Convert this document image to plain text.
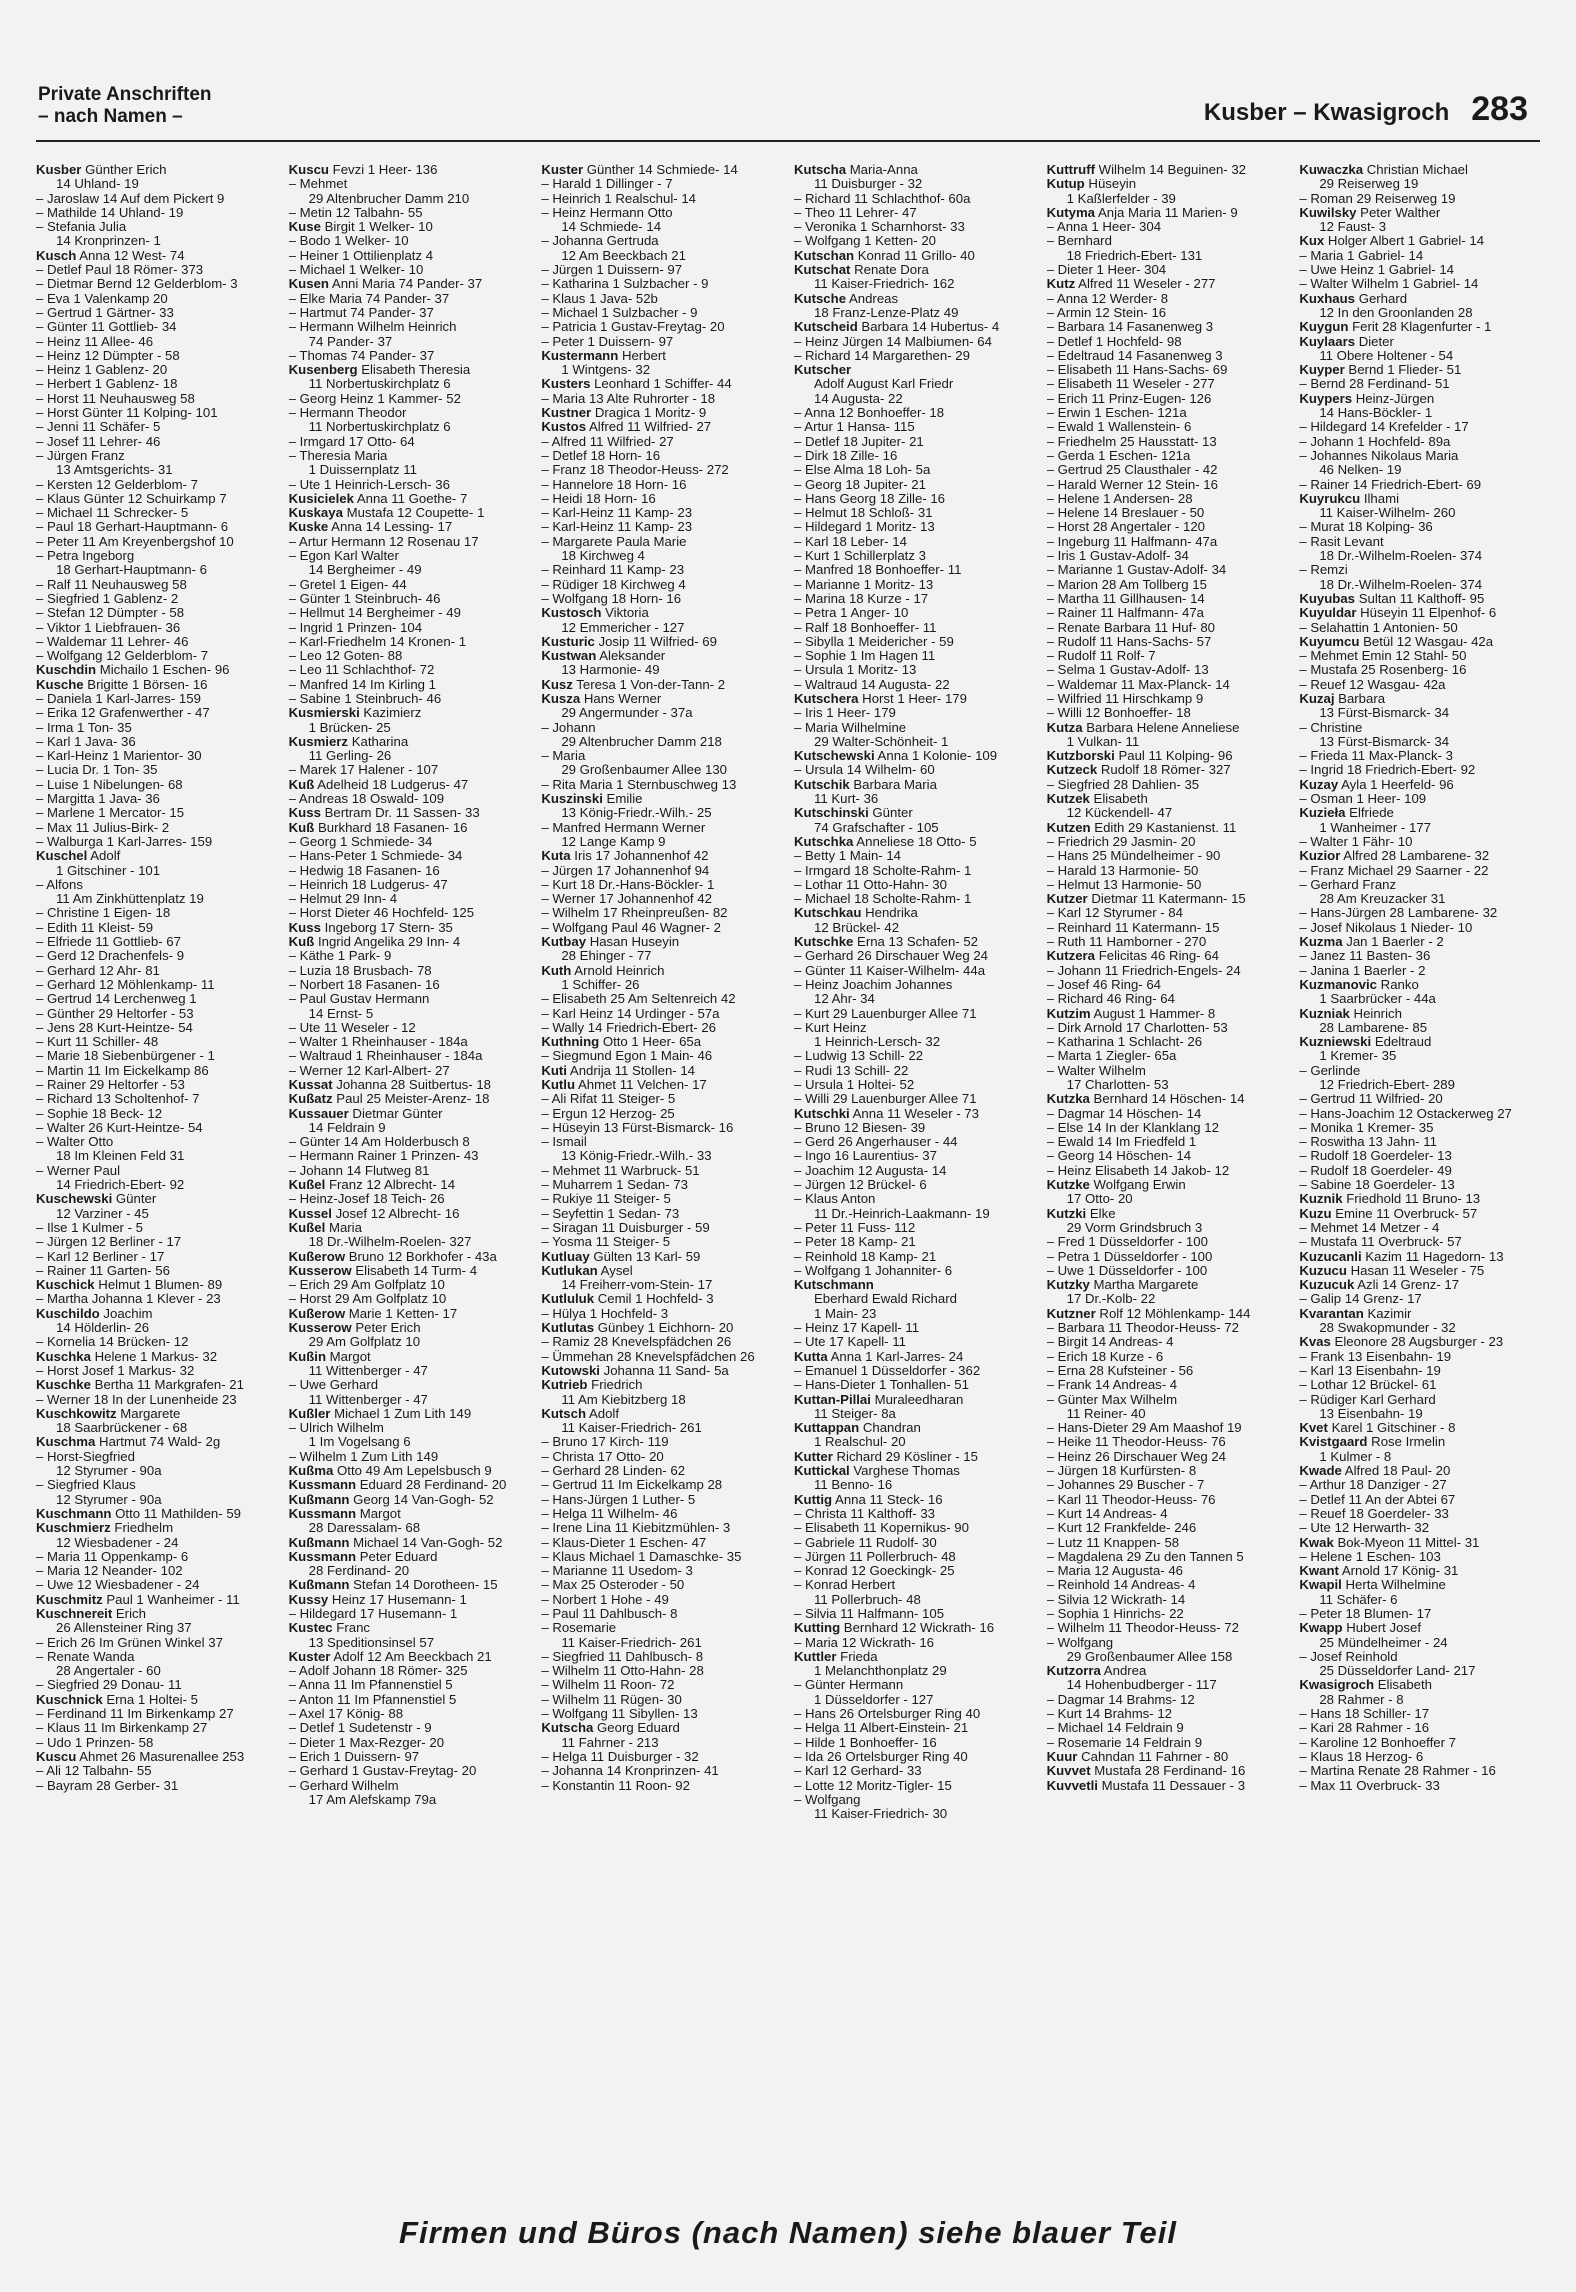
Private Anschriften
– nach Namen –	Kusber – Kwasigroch 283
Kusber Günther Erich
14 Uhland- 19
– Jaroslaw 14 Auf dem Pickert 9
– Mathilde 14 Uhland- 19
– Stefania Julia
14 Kronprinzen- 1
Kusch Anna 12 West- 74
– Detlef Paul 18 Römer- 373
– Dietmar Bernd 12 Gelderblom- 3
– Eva 1 Valenkamp 20
– Gertrud 1 Gärtner- 33
– Günter 11 Gottlieb- 34
– Heinz 11 Allee- 46
– Heinz 12 Dümpter - 58
– Heinz 1 Gablenz- 20
– Herbert 1 Gablenz- 18
– Horst 11 Neuhausweg 58
– Horst Günter 11 Kolping- 101
– Jenni 11 Schäfer- 5
– Josef 11 Lehrer- 46
– Jürgen Franz
13 Amtsgerichts- 31
– Kersten 12 Gelderblom- 7
– Klaus Günter 12 Schuirkamp 7
– Michael 11 Schrecker- 5
– Paul 18 Gerhart-Hauptmann- 6
– Peter 11 Am Kreyenbergshof 10
– Petra Ingeborg
18 Gerhart-Hauptmann- 6
– Ralf 11 Neuhausweg 58
– Siegfried 1 Gablenz- 2
– Stefan 12 Dümpter - 58
– Viktor 1 Liebfrauen- 36
– Waldemar 11 Lehrer- 46
– Wolfgang 12 Gelderblom- 7
Kuschdin Michailo 1 Eschen- 96
Kusche Brigitte 1 Börsen- 16
– Daniela 1 Karl-Jarres- 159
– Erika 12 Grafenwerther - 47
– Irma 1 Ton- 35
– Karl 1 Java- 36
– Karl-Heinz 1 Marientor- 30
– Lucia Dr. 1 Ton- 35
– Luise 1 Nibelungen- 68
– Margitta 1 Java- 36
– Marlene 1 Mercator- 15
– Max 11 Julius-Birk- 2
– Walburga 1 Karl-Jarres- 159
Kuschel Adolf
1 Gitschiner - 101
– Alfons
11 Am Zinkhüttenplatz 19
– Christine 1 Eigen- 18
– Edith 11 Kleist- 59
– Elfriede 11 Gottlieb- 67
– Gerd 12 Drachenfels- 9
– Gerhard 12 Ahr- 81
– Gerhard 12 Möhlenkamp- 11
– Gertrud 14 Lerchenweg 1
– Günther 29 Heltorfer - 53
– Jens 28 Kurt-Heintze- 54
– Kurt 11 Schiller- 48
– Marie 18 Siebenbürgener - 1
– Martin 11 Im Eickelkamp 86
– Rainer 29 Heltorfer - 53
– Richard 13 Scholtenhof- 7
– Sophie 18 Beck- 12
– Walter 26 Kurt-Heintze- 54
– Walter Otto
18 Im Kleinen Feld 31
– Werner Paul
14 Friedrich-Ebert- 92
Kuschewski Günter
12 Varziner - 45
– Ilse 1 Kulmer - 5
– Jürgen 12 Berliner - 17
– Karl 12 Berliner - 17
– Rainer 11 Garten- 56
Kuschick Helmut 1 Blumen- 89
– Martha Johanna 1 Klever - 23
Kuschildo Joachim
14 Hölderlin- 26
– Kornelia 14 Brücken- 12
Kuschka Helene 1 Markus- 32
– Horst Josef 1 Markus- 32
Kuschke Bertha 11 Markgrafen- 21
– Werner 18 In der Lunenheide 23
Kuschkowitz Margarete
18 Saarbrückener - 68
Kuschma Hartmut 74 Wald- 2g
– Horst-Siegfried
12 Styrumer - 90a
– Siegfried Klaus
12 Styrumer - 90a
Kuschmann Otto 11 Mathilden- 59
Kuschmierz Friedhelm
12 Wiesbadener - 24
– Maria 11 Oppenkamp- 6
– Maria 12 Neander- 102
– Uwe 12 Wiesbadener - 24
Kuschmitz Paul 1 Wanheimer - 11
Kuschnereit Erich
26 Allensteiner Ring 37
– Erich 26 Im Grünen Winkel 37
– Renate Wanda
28 Angertaler - 60
– Siegfried 29 Donau- 11
Kuschnick Erna 1 Holtei- 5
– Ferdinand 11 Im Birkenkamp 27
– Klaus 11 Im Birkenkamp 27
– Udo 1 Prinzen- 58
Kuscu Ahmet 26 Masurenallee 253
– Ali 12 Talbahn- 55
– Bayram 28 Gerber- 31
Kuscu Fevzi 1 Heer- 136
– Mehmet
29 Altenbrucher Damm 210
– Metin 12 Talbahn- 55
Kuse Birgit 1 Welker- 10
– Bodo 1 Welker- 10
– Heiner 1 Ottilienplatz 4
– Michael 1 Welker- 10
Kusen Anni Maria 74 Pander- 37
– Elke Maria 74 Pander- 37
– Hartmut 74 Pander- 37
– Hermann Wilhelm Heinrich
74 Pander- 37
– Thomas 74 Pander- 37
Kusenberg Elisabeth Theresia
11 Norbertuskirchplatz 6
– Georg Heinz 1 Kammer- 52
– Hermann Theodor
11 Norbertuskirchplatz 6
– Irmgard 17 Otto- 64
– Theresia Maria
1 Duissernplatz 11
– Ute 1 Heinrich-Lersch- 36
Kusicielek Anna 11 Goethe- 7
Kuskaya Mustafa 12 Coupette- 1
Kuske Anna 14 Lessing- 17
– Artur Hermann 12 Rosenau 17
– Egon Karl Walter
14 Bergheimer - 49
– Gretel 1 Eigen- 44
– Günter 1 Steinbruch- 46
– Hellmut 14 Bergheimer - 49
– Ingrid 1 Prinzen- 104
– Karl-Friedhelm 14 Kronen- 1
– Leo 12 Goten- 88
– Leo 11 Schlachthof- 72
– Manfred 14 Im Kirling 1
– Sabine 1 Steinbruch- 46
Kusmierski Kazimierz
1 Brücken- 25
Kusmierz Katharina
11 Gerling- 26
– Marek 17 Halener - 107
Kuß Adelheid 18 Ludgerus- 47
– Andreas 18 Oswald- 109
Kuss Bertram Dr. 11 Sassen- 33
Kuß Burkhard 18 Fasanen- 16
– Georg 1 Schmiede- 34
– Hans-Peter 1 Schmiede- 34
– Hedwig 18 Fasanen- 16
– Heinrich 18 Ludgerus- 47
– Helmut 29 Inn- 4
– Horst Dieter 46 Hochfeld- 125
Kuss Ingeborg 17 Stern- 35
Kuß Ingrid Angelika 29 Inn- 4
– Käthe 1 Park- 9
– Luzia 18 Brusbach- 78
– Norbert 18 Fasanen- 16
– Paul Gustav Hermann
14 Ernst- 5
– Ute 11 Weseler - 12
– Walter 1 Rheinhauser - 184a
– Waltraud 1 Rheinhauser - 184a
– Werner 12 Karl-Albert- 27
Kussat Johanna 28 Suitbertus- 18
Kußatz Paul 25 Meister-Arenz- 18
Kussauer Dietmar Günter
14 Feldrain 9
– Günter 14 Am Holderbusch 8
– Hermann Rainer 1 Prinzen- 43
– Johann 14 Flutweg 81
Kußel Franz 12 Albrecht- 14
– Heinz-Josef 18 Teich- 26
Kussel Josef 12 Albrecht- 16
Kußel Maria
18 Dr.-Wilhelm-Roelen- 327
Kußerow Bruno 12 Borkhofer - 43a
Kusserow Elisabeth 14 Turm- 4
– Erich 29 Am Golfplatz 10
– Horst 29 Am Golfplatz 10
Kußerow Marie 1 Ketten- 17
Kusserow Peter Erich
29 Am Golfplatz 10
Kußin Margot
11 Wittenberger - 47
– Uwe Gerhard
11 Wittenberger - 47
Kußler Michael 1 Zum Lith 149
– Ulrich Wilhelm
1 Im Vogelsang 6
– Wilhelm 1 Zum Lith 149
Kußma Otto 49 Am Lepelsbusch 9
Kussmann Eduard 28 Ferdinand- 20
Kußmann Georg 14 Van-Gogh- 52
Kussmann Margot
28 Daressalam- 68
Kußmann Michael 14 Van-Gogh- 52
Kussmann Peter Eduard
28 Ferdinand- 20
Kußmann Stefan 14 Dorotheen- 15
Kussy Heinz 17 Husemann- 1
– Hildegard 17 Husemann- 1
Kustec Franc
13 Speditionsinsel 57
Kuster Adolf 12 Am Beeckbach 21
– Adolf Johann 18 Römer- 325
– Anna 11 Im Pfannenstiel 5
– Anton 11 Im Pfannenstiel 5
– Axel 17 König- 88
– Detlef 1 Sudetenstr - 9
– Dieter 1 Max-Rezger- 20
– Erich 1 Duissern- 97
– Gerhard 1 Gustav-Freytag- 20
– Gerhard Wilhelm
17 Am Alefskamp 79a
Kuster Günther 14 Schmiede- 14
– Harald 1 Dillinger - 7
– Heinrich 1 Realschul- 14
– Heinz Hermann Otto
14 Schmiede- 14
– Johanna Gertruda
12 Am Beeckbach 21
– Jürgen 1 Duissern- 97
– Katharina 1 Sulzbacher - 9
– Klaus 1 Java- 52b
– Michael 1 Sulzbacher - 9
– Patricia 1 Gustav-Freytag- 20
– Peter 1 Duissern- 97
Kustermann Herbert
1 Wintgens- 32
Kusters Leonhard 1 Schiffer- 44
– Maria 13 Alte Ruhrorter - 18
Kustner Dragica 1 Moritz- 9
Kustos Alfred 11 Wilfried- 27
– Alfred 11 Wilfried- 27
– Detlef 18 Horn- 16
– Franz 18 Theodor-Heuss- 272
– Hannelore 18 Horn- 16
– Heidi 18 Horn- 16
– Karl-Heinz 11 Kamp- 23
– Karl-Heinz 11 Kamp- 23
– Margarete Paula Marie
18 Kirchweg 4
– Reinhard 11 Kamp- 23
– Rüdiger 18 Kirchweg 4
– Wolfgang 18 Horn- 16
Kustosch Viktoria
12 Emmericher - 127
Kusturic Josip 11 Wilfried- 69
Kustwan Aleksander
13 Harmonie- 49
Kusz Teresa 1 Von-der-Tann- 2
Kusza Hans Werner
29 Angermunder - 37a
– Johann
29 Altenbrucher Damm 218
– Maria
29 Großenbaumer Allee 130
– Rita Maria 1 Sternbuschweg 13
Kuszinski Emilie
13 König-Friedr.-Wilh.- 25
– Manfred Hermann Werner
12 Lange Kamp 9
Kuta Iris 17 Johannenhof 42
– Jürgen 17 Johannenhof 94
– Kurt 18 Dr.-Hans-Böckler- 1
– Werner 17 Johannenhof 42
– Wilhelm 17 Rheinpreußen- 82
– Wolfgang Paul 46 Wagner- 2
Kutbay Hasan Huseyin
28 Ehinger - 77
Kuth Arnold Heinrich
1 Schiffer- 26
– Elisabeth 25 Am Seltenreich 42
– Karl Heinz 14 Urdinger - 57a
– Wally 14 Friedrich-Ebert- 26
Kuthning Otto 1 Heer- 65a
– Siegmund Egon 1 Main- 46
Kuti Andrija 11 Stollen- 14
Kutlu Ahmet 11 Velchen- 17
– Ali Rifat 11 Steiger- 5
– Ergun 12 Herzog- 25
– Hüseyin 13 Fürst-Bismarck- 16
– Ismail
13 König-Friedr.-Wilh.- 33
– Mehmet 11 Warbruck- 51
– Muharrem 1 Sedan- 73
– Rukiye 11 Steiger- 5
– Seyfettin 1 Sedan- 73
– Siragan 11 Duisburger - 59
– Yosma 11 Steiger- 5
Kutluay Gülten 13 Karl- 59
Kutlukan Aysel
14 Freiherr-vom-Stein- 17
Kutluluk Cemil 1 Hochfeld- 3
– Hülya 1 Hochfeld- 3
Kutlutas Günbey 1 Eichhorn- 20
– Ramiz 28 Knevelspfädchen 26
– Ümmehan 28 Knevelspfädchen 26
Kutowski Johanna 11 Sand- 5a
Kutrieb Friedrich
11 Am Kiebitzberg 18
Kutsch Adolf
11 Kaiser-Friedrich- 261
– Bruno 17 Kirch- 119
– Christa 17 Otto- 20
– Gerhard 28 Linden- 62
– Gertrud 11 Im Eickelkamp 28
– Hans-Jürgen 1 Luther- 5
– Helga 11 Wilhelm- 46
– Irene Lina 11 Kiebitzmühlen- 3
– Klaus-Dieter 1 Eschen- 47
– Klaus Michael 1 Damaschke- 35
– Marianne 11 Usedom- 3
– Max 25 Osteroder - 50
– Norbert 1 Hohe - 49
– Paul 11 Dahlbusch- 8
– Rosemarie
11 Kaiser-Friedrich- 261
– Siegfried 11 Dahlbusch- 8
– Wilhelm 11 Otto-Hahn- 28
– Wilhelm 11 Roon- 72
– Wilhelm 11 Rügen- 30
– Wolfgang 11 Sibyllen- 13
Kutscha Georg Eduard
11 Fahrner - 213
– Helga 11 Duisburger - 32
– Johanna 14 Kronprinzen- 41
– Konstantin 11 Roon- 92
Kutscha Maria-Anna
11 Duisburger - 32
– Richard 11 Schlachthof- 60a
– Theo 11 Lehrer- 47
– Veronika 1 Scharnhorst- 33
– Wolfgang 1 Ketten- 20
Kutschan Konrad 11 Grillo- 40
Kutschat Renate Dora
11 Kaiser-Friedrich- 162
Kutsche Andreas
18 Franz-Lenze-Platz 49
Kutscheid Barbara 14 Hubertus- 4
– Heinz Jürgen 14 Malbiumen- 64
– Richard 14 Margarethen- 29
Kutscher
Adolf August Karl Friedr
14 Augusta- 22
– Anna 12 Bonhoeffer- 18
– Artur 1 Hansa- 115
– Detlef 18 Jupiter- 21
– Dirk 18 Zille- 16
– Else Alma 18 Loh- 5a
– Georg 18 Jupiter- 21
– Hans Georg 18 Zille- 16
– Helmut 18 Schloß- 31
– Hildegard 1 Moritz- 13
– Karl 18 Leber- 14
– Kurt 1 Schillerplatz 3
– Manfred 18 Bonhoeffer- 11
– Marianne 1 Moritz- 13
– Marina 18 Kurze - 17
– Petra 1 Anger- 10
– Ralf 18 Bonhoeffer- 11
– Sibylla 1 Meidericher - 59
– Sophie 1 Im Hagen 11
– Ursula 1 Moritz- 13
– Waltraud 14 Augusta- 22
Kutschera Horst 1 Heer- 179
– Iris 1 Heer- 179
– Maria Wilhelmine
29 Walter-Schönheit- 1
Kutschewski Anna 1 Kolonie- 109
– Ursula 14 Wilhelm- 60
Kutschik Barbara Maria
11 Kurt- 36
Kutschinski Günter
74 Grafschafter - 105
Kutschka Anneliese 18 Otto- 5
– Betty 1 Main- 14
– Irmgard 18 Scholte-Rahm- 1
– Lothar 11 Otto-Hahn- 30
– Michael 18 Scholte-Rahm- 1
Kutschkau Hendrika
12 Brückel- 42
Kutschke Erna 13 Schafen- 52
– Gerhard 26 Dirschauer Weg 24
– Günter 11 Kaiser-Wilhelm- 44a
– Heinz Joachim Johannes
12 Ahr- 34
– Kurt 29 Lauenburger Allee 71
– Kurt Heinz
1 Heinrich-Lersch- 32
– Ludwig 13 Schill- 22
– Rudi 13 Schill- 22
– Ursula 1 Holtei- 52
– Willi 29 Lauenburger Allee 71
Kutschki Anna 11 Weseler - 73
– Bruno 12 Biesen- 39
– Gerd 26 Angerhauser - 44
– Ingo 16 Laurentius- 37
– Joachim 12 Augusta- 14
– Jürgen 12 Brückel- 6
– Klaus Anton
11 Dr.-Heinrich-Laakmann- 19
– Peter 11 Fuss- 112
– Peter 18 Kamp- 21
– Reinhold 18 Kamp- 21
– Wolfgang 1 Johanniter- 6
Kutschmann
Eberhard Ewald Richard
1 Main- 23
– Heinz 17 Kapell- 11
– Ute 17 Kapell- 11
Kutta Anna 1 Karl-Jarres- 24
– Emanuel 1 Düsseldorfer - 362
– Hans-Dieter 1 Tonhallen- 51
Kuttan-Pillai Muraleedharan
11 Steiger- 8a
Kuttappan Chandran
1 Realschul- 20
Kutter Richard 29 Kösliner - 15
Kuttickal Varghese Thomas
11 Benno- 16
Kuttig Anna 11 Steck- 16
– Christa 11 Kalthoff- 33
– Elisabeth 11 Kopernikus- 90
– Gabriele 11 Rudolf- 30
– Jürgen 11 Pollerbruch- 48
– Konrad 12 Goeckingk- 25
– Konrad Herbert
11 Pollerbruch- 48
– Silvia 11 Halfmann- 105
Kutting Bernhard 12 Wickrath- 16
– Maria 12 Wickrath- 16
Kuttler Frieda
1 Melanchthonplatz 29
– Günter Hermann
1 Düsseldorfer - 127
– Hans 26 Ortelsburger Ring 40
– Helga 11 Albert-Einstein- 21
– Hilde 1 Bonhoeffer- 16
– Ida 26 Ortelsburger Ring 40
– Karl 12 Gerhard- 33
– Lotte 12 Moritz-Tigler- 15
– Wolfgang
11 Kaiser-Friedrich- 30
Kuttruff Wilhelm 14 Beguinen- 32
Kutup Hüseyin
1 Kaßlerfelder - 39
Kutyma Anja Maria 11 Marien- 9
– Anna 1 Heer- 304
– Bernhard
18 Friedrich-Ebert- 131
– Dieter 1 Heer- 304
Kutz Alfred 11 Weseler - 277
– Anna 12 Werder- 8
– Armin 12 Stein- 16
– Barbara 14 Fasanenweg 3
– Detlef 1 Hochfeld- 98
– Edeltraud 14 Fasanenweg 3
– Elisabeth 11 Hans-Sachs- 69
– Elisabeth 11 Weseler - 277
– Erich 11 Prinz-Eugen- 126
– Erwin 1 Eschen- 121a
– Ewald 1 Wallenstein- 6
– Friedhelm 25 Hausstatt- 13
– Gerda 1 Eschen- 121a
– Gertrud 25 Clausthaler - 42
– Harald Werner 12 Stein- 16
– Helene 1 Andersen- 28
– Helene 14 Breslauer - 50
– Horst 28 Angertaler - 120
– Ingeburg 11 Halfmann- 47a
– Iris 1 Gustav-Adolf- 34
– Marianne 1 Gustav-Adolf- 34
– Marion 28 Am Tollberg 15
– Martha 11 Gillhausen- 14
– Rainer 11 Halfmann- 47a
– Renate Barbara 11 Huf- 80
– Rudolf 11 Hans-Sachs- 57
– Rudolf 11 Rolf- 7
– Selma 1 Gustav-Adolf- 13
– Waldemar 11 Max-Planck- 14
– Wilfried 11 Hirschkamp 9
– Willi 12 Bonhoeffer- 18
Kutza Barbara Helene Anneliese
1 Vulkan- 11
Kutzborski Paul 11 Kolping- 96
Kutzeck Rudolf 18 Römer- 327
– Siegfried 28 Dahlien- 35
Kutzek Elisabeth
12 Kückendell- 47
Kutzen Edith 29 Kastanienst. 11
– Friedrich 29 Jasmin- 20
– Hans 25 Mündelheimer - 90
– Harald 13 Harmonie- 50
– Helmut 13 Harmonie- 50
Kutzer Dietmar 11 Katermann- 15
– Karl 12 Styrumer - 84
– Reinhard 11 Katermann- 15
– Ruth 11 Hamborner - 270
Kutzera Felicitas 46 Ring- 64
– Johann 11 Friedrich-Engels- 24
– Josef 46 Ring- 64
– Richard 46 Ring- 64
Kutzim August 1 Hammer- 8
– Dirk Arnold 17 Charlotten- 53
– Katharina 1 Schlacht- 26
– Marta 1 Ziegler- 65a
– Walter Wilhelm
17 Charlotten- 53
Kutzka Bernhard 14 Höschen- 14
– Dagmar 14 Höschen- 14
– Else 14 In der Klanklang 12
– Ewald 14 Im Friedfeld 1
– Georg 14 Höschen- 14
– Heinz Elisabeth 14 Jakob- 12
Kutzke Wolfgang Erwin
17 Otto- 20
Kutzki Elke
29 Vorm Grindsbruch 3
– Fred 1 Düsseldorfer - 100
– Petra 1 Düsseldorfer - 100
– Uwe 1 Düsseldorfer - 100
Kutzky Martha Margarete
17 Dr.-Kolb- 22
Kutzner Rolf 12 Möhlenkamp- 144
– Barbara 11 Theodor-Heuss- 72
– Birgit 14 Andreas- 4
– Erich 18 Kurze - 6
– Erna 28 Kufsteiner - 56
– Frank 14 Andreas- 4
– Günter Max Wilhelm
11 Reiner- 40
– Hans-Dieter 29 Am Maashof 19
– Heike 11 Theodor-Heuss- 76
– Heinz 26 Dirschauer Weg 24
– Jürgen 18 Kurfürsten- 8
– Johannes 29 Buscher - 7
– Karl 11 Theodor-Heuss- 76
– Kurt 14 Andreas- 4
– Kurt 12 Frankfelde- 246
– Lutz 11 Knappen- 58
– Magdalena 29 Zu den Tannen 5
– Maria 12 Augusta- 46
– Reinhold 14 Andreas- 4
– Silvia 12 Wickrath- 14
– Sophia 1 Hinrichs- 22
– Wilhelm 11 Theodor-Heuss- 72
– Wolfgang
29 Großenbaumer Allee 158
Kutzorra Andrea
14 Hohenbudberger - 117
– Dagmar 14 Brahms- 12
– Kurt 14 Brahms- 12
– Michael 14 Feldrain 9
– Rosemarie 14 Feldrain 9
Kuur Cahndan 11 Fahrner - 80
Kuvvet Mustafa 28 Ferdinand- 16
Kuvvetli Mustafa 11 Dessauer - 3
Kuwaczka Christian Michael
29 Reiserweg 19
– Roman 29 Reiserweg 19
Kuwilsky Peter Walther
12 Faust- 3
Kux Holger Albert 1 Gabriel- 14
– Maria 1 Gabriel- 14
– Uwe Heinz 1 Gabriel- 14
– Walter Wilhelm 1 Gabriel- 14
Kuxhaus Gerhard
12 In den Groonlanden 28
Kuygun Ferit 28 Klagenfurter - 1
Kuylaars Dieter
11 Obere Holtener - 54
Kuyper Bernd 1 Flieder- 51
– Bernd 28 Ferdinand- 51
Kuypers Heinz-Jürgen
14 Hans-Böckler- 1
– Hildegard 14 Krefelder - 17
– Johann 1 Hochfeld- 89a
– Johannes Nikolaus Maria
46 Nelken- 19
– Rainer 14 Friedrich-Ebert- 69
Kuyrukcu Ilhami
11 Kaiser-Wilhelm- 260
– Murat 18 Kolping- 36
– Rasit Levant
18 Dr.-Wilhelm-Roelen- 374
– Remzi
18 Dr.-Wilhelm-Roelen- 374
Kuyubas Sultan 11 Kalthoff- 95
Kuyuldar Hüseyin 11 Elpenhof- 6
– Selahattin 1 Antonien- 50
Kuyumcu Betül 12 Wasgau- 42a
– Mehmet Emin 12 Stahl- 50
– Mustafa 25 Rosenberg- 16
– Reuef 12 Wasgau- 42a
Kuzaj Barbara
13 Fürst-Bismarck- 34
– Christine
13 Fürst-Bismarck- 34
– Frieda 11 Max-Planck- 3
– Ingrid 18 Friedrich-Ebert- 92
Kuzay Ayla 1 Heerfeld- 96
– Osman 1 Heer- 109
Kuzieła Elfriede
1 Wanheimer - 177
– Walter 1 Fähr- 10
Kuzior Alfred 28 Lambarene- 32
– Franz Michael 29 Saarner - 22
– Gerhard Franz
28 Am Kreuzacker 31
– Hans-Jürgen 28 Lambarene- 32
– Josef Nikolaus 1 Nieder- 10
Kuzma Jan 1 Baerler - 2
– Janez 11 Basten- 36
– Janina 1 Baerler - 2
Kuzmanovic Ranko
1 Saarbrücker - 44a
Kuzniak Heinrich
28 Lambarene- 85
Kuzniewski Edeltraud
1 Kremer- 35
– Gerlinde
12 Friedrich-Ebert- 289
– Gertrud 11 Wilfried- 20
– Hans-Joachim 12 Ostackerweg 27
– Monika 1 Kremer- 35
– Roswitha 13 Jahn- 11
– Rudolf 18 Goerdeler- 13
– Rudolf 18 Goerdeler- 49
– Sabine 18 Goerdeler- 13
Kuznik Friedhold 11 Bruno- 13
Kuzu Emine 11 Overbruck- 57
– Mehmet 14 Metzer - 4
– Mustafa 11 Overbruck- 57
Kuzucanli Kazim 11 Hagedorn- 13
Kuzucu Hasan 11 Weseler - 75
Kuzucuk Azli 14 Grenz- 17
– Galip 14 Grenz- 17
Kvarantan Kazimir
28 Swakopmunder - 32
Kvas Eleonore 28 Augsburger - 23
– Frank 13 Eisenbahn- 19
– Karl 13 Eisenbahn- 19
– Lothar 12 Brückel- 61
– Rüdiger Karl Gerhard
13 Eisenbahn- 19
Kvet Karel 1 Gitschiner - 8
Kvistgaard Rose Irmelin
1 Kulmer - 8
Kwade Alfred 18 Paul- 20
– Arthur 18 Danziger - 27
– Detlef 11 An der Abtei 67
– Reuef 18 Goerdeler- 33
– Ute 12 Herwarth- 32
Kwak Bok-Myeon 11 Mittel- 31
– Helene 1 Eschen- 103
Kwant Arnold 17 König- 31
Kwapil Herta Wilhelmine
11 Schäfer- 6
– Peter 18 Blumen- 17
Kwapp Hubert Josef
25 Mündelheimer - 24
– Josef Reinhold
25 Düsseldorfer Land- 217
Kwasigroch Elisabeth
28 Rahmer - 8
– Hans 18 Schiller- 17
– Kari 28 Rahmer - 16
– Karoline 12 Bonhoeffer 7
– Klaus 18 Herzog- 6
– Martina Renate 28 Rahmer - 16
– Max 11 Overbruck- 33
Firmen und Büros (nach Namen) siehe blauer Teil
